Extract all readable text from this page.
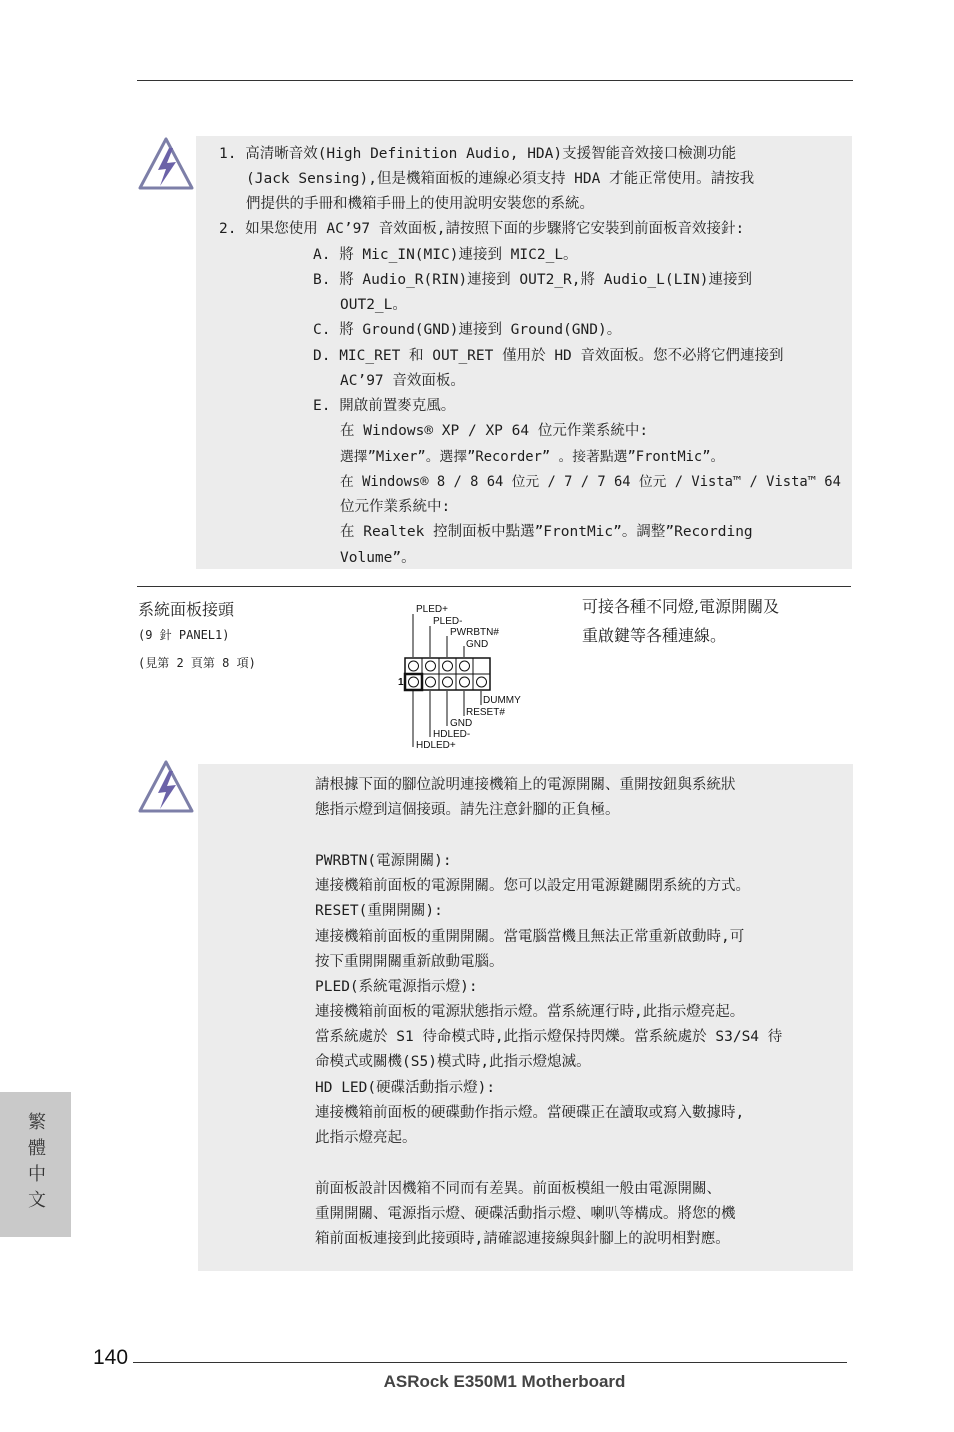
1. 高清晰音效(High Definition Audio, HDA)支援智能音效接口檢測功能
(Jack Sensing),但是機箱面板的連線必須支持 HDA 才能正常使用。請按我
們提供的手冊和機箱手冊上的使用說明安裝您的系統。
2. 如果您使用 AC’97 音效面板,請按照下面的步驟將它安裝到前面板音效接針:
A. 將 Mic_IN(MIC)連接到 MIC2_L。
B. 將 Audio_R(RIN)連接到 OUT2_R,將 Audio_L(LIN)連接到
OUT2_L。
C. 將 Ground(GND)連接到 Ground(GND)。
D. MIC_RET 和 OUT_RET 僅用於 HD 音效面板。您不必將它們連接到
AC’97 音效面板。
E. 開啟前置麥克風。
在 Windows® XP / XP 64 位元作業系統中:
選擇”Mixer”。選擇”Recorder” 。接著點選”FrontMic”。
在 Windows® 8 / 8 64 位元 / 7 / 7 64 位元 / Vista™ / Vista™ 64
位元作業系統中:
在 Realtek 控制面板中點選”FrontMic”。調整”Recording
Volume”。
系統面板接頭
(9 針 PANEL1)
(見第 2 頁第 8 項)
可接各種不同燈,電源開關及
重啟鍵等各種連線。
PLED+
PLED-
PWRBTN#
GND
1
DUMMY
RESET#
GND
HDLED-
HDLED+
請根據下面的腳位說明連接機箱上的電源開關、重開按鈕與系統狀
態指示燈到這個接頭。請先注意針腳的正負極。
PWRBTN(電源開關):
連接機箱前面板的電源開關。您可以設定用電源鍵關閉系統的方式。
RESET(重開開關):
連接機箱前面板的重開開關。當電腦當機且無法正常重新啟動時,可
按下重開開關重新啟動電腦。
PLED(系統電源指示燈):
連接機箱前面板的電源狀態指示燈。當系統運行時,此指示燈亮起。
當系統處於 S1 待命模式時,此指示燈保持閃爍。當系統處於 S3/S4 待
命模式或關機(S5)模式時,此指示燈熄滅。
HD LED(硬碟活動指示燈):
連接機箱前面板的硬碟動作指示燈。當硬碟正在讀取或寫入數據時,
此指示燈亮起。
前面板設計因機箱不同而有差異。前面板模組一般由電源開關、
重開開關、電源指示燈、硬碟活動指示燈、喇叭等構成。將您的機
箱前面板連接到此接頭時,請確認連接線與針腳上的說明相對應。
繁
體
中
文
140
ASRock E350M1 Motherboard
